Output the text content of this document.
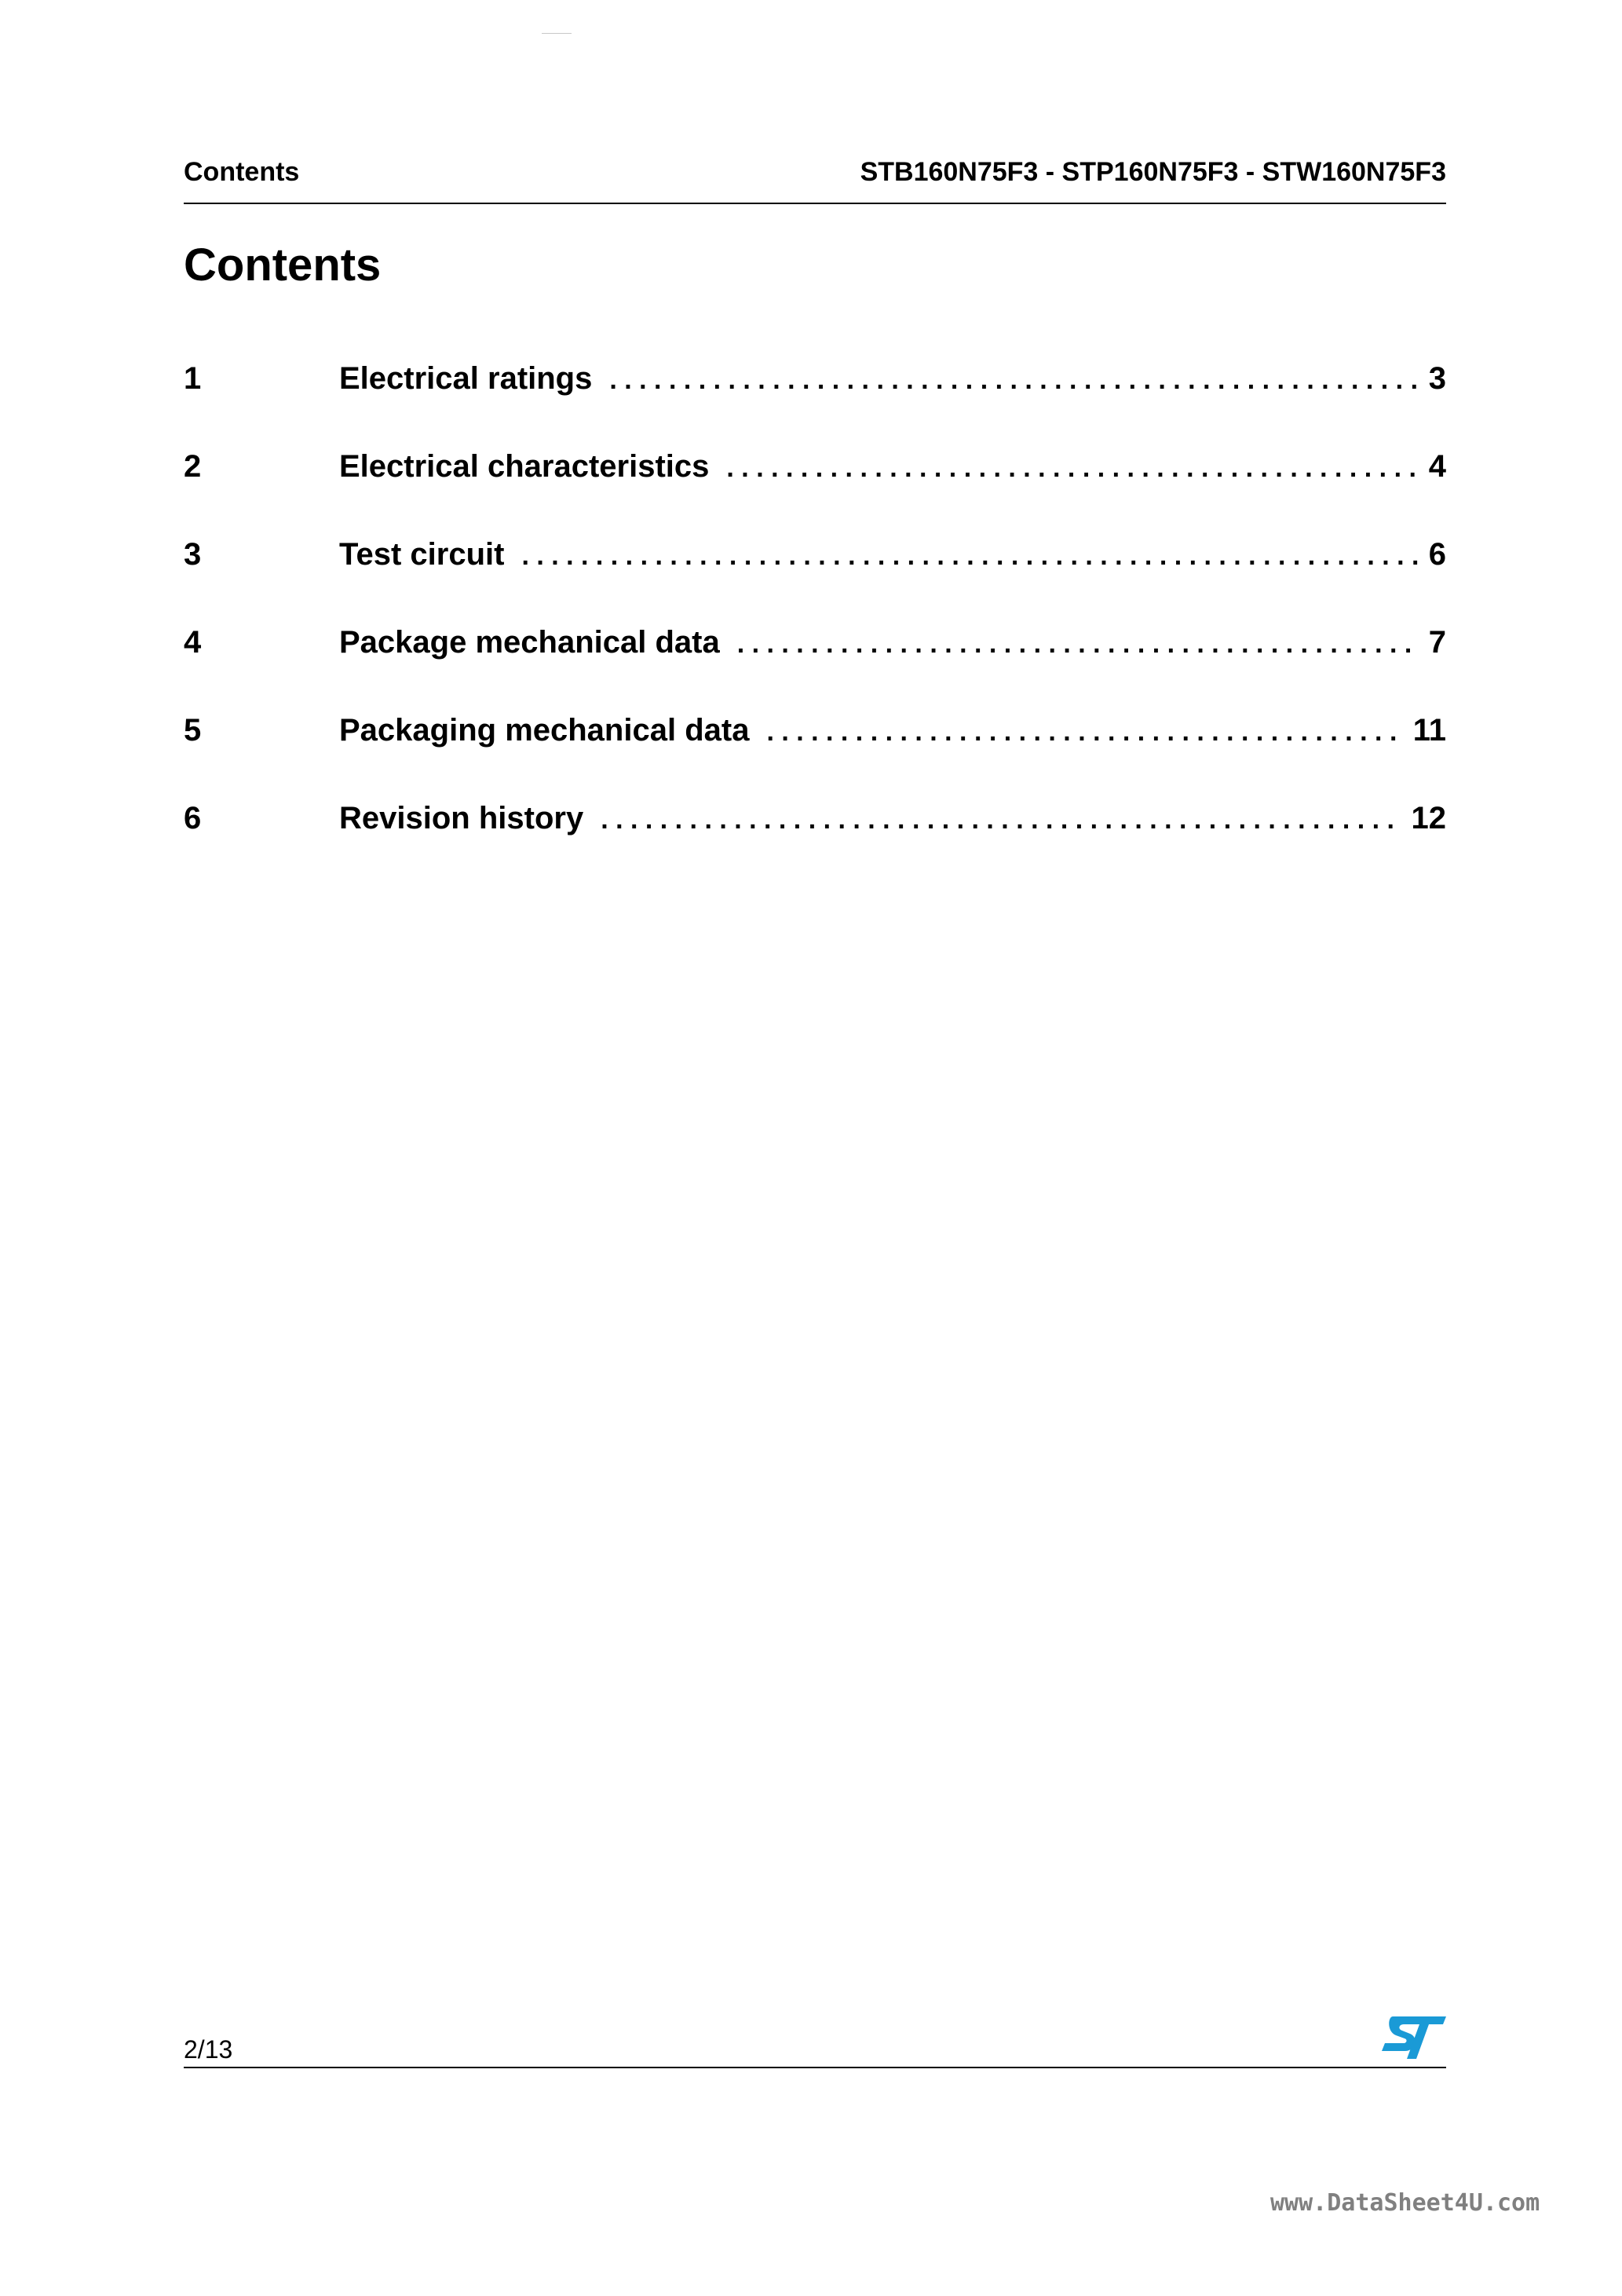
Contents	STB160N75F3 - STP160N75F3 - STW160N75F3
Contents
1	Electrical ratings . . .	3
2	Electrical characteristics . . .	4
3	Test circuit . . .	6
4	Package mechanical data . . .	7
5	Packaging mechanical data . . .	11
6	Revision history . . .	12
2/13
www.DataSheet4U.com
